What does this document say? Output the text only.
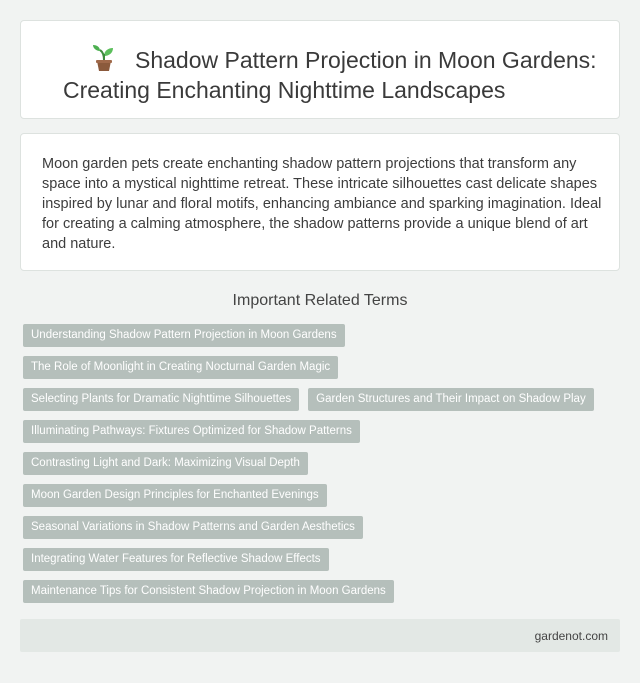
Shadow Pattern Projection in Moon Gardens:
Creating Enchanting Nighttime Landscapes

Moon garden pets create enchanting shadow pattern projections that transform any space into a mystical nighttime retreat. These intricate silhouettes cast delicate shapes inspired by lunar and floral motifs, enhancing ambiance and sparking imagination. Ideal for creating a calming atmosphere, the shadow patterns provide a unique blend of art and nature.

Important Related Terms
Understanding Shadow Pattern Projection in Moon Gardens
The Role of Moonlight in Creating Nocturnal Garden Magic
Selecting Plants for Dramatic Nighttime Silhouettes	Garden Structures and Their Impact on Shadow Play
Illuminating Pathways: Fixtures Optimized for Shadow Patterns
Contrasting Light and Dark: Maximizing Visual Depth
Moon Garden Design Principles for Enchanted Evenings
Seasonal Variations in Shadow Patterns and Garden Aesthetics
Integrating Water Features for Reflective Shadow Effects
Maintenance Tips for Consistent Shadow Projection in Moon Gardens
gardenot.com
